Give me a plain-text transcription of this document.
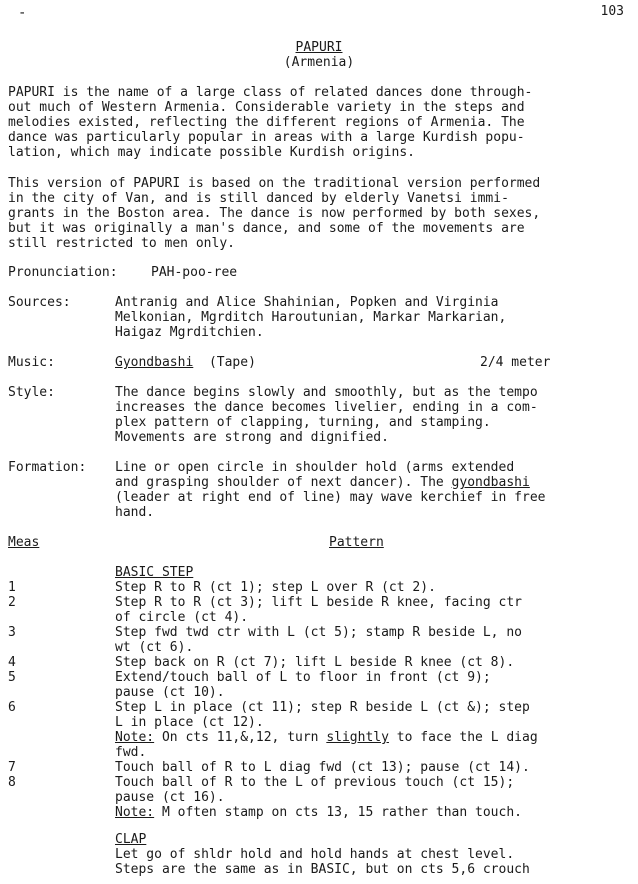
-	103
PAPURI
(Armenia)
PAPURI is the name of a large class of related dances done through-
out much of Western Armenia. Considerable variety in the steps and
melodies existed, reflecting the different regions of Armenia. The
dance was particularly popular in areas with a large Kurdish popu-
lation, which may indicate possible Kurdish origins.
This version of PAPURI is based on the traditional version performed
in the city of Van, and is still danced by elderly Vanetsi immi-
grants in the Boston area. The dance is now performed by both sexes,
but it was originally a man's dance, and some of the movements are
still restricted to men only.
Pronunciation:	PAH-poo-ree
Sources:	Antranig and Alice Shahinian, Popken and Virginia
Melkonian, Mgrditch Haroutunian, Markar Markarian,
Haigaz Mgrditchien.
Music:	Gyondbashi (Tape)	2/4 meter
Style:	The dance begins slowly and smoothly, but as the tempo
increases the dance becomes livelier, ending in a com-
plex pattern of clapping, turning, and stamping.
Movements are strong and dignified.
Formation: Line or open circle in shoulder hold (arms extended
and grasping shoulder of next dancer). The gyondbashi
(leader at right end of line) may wave kerchief in free
hand.
Meas	Pattern
BASIC STEP
1	Step R to R (ct 1); step L over R (ct 2).
2	Step R to R (ct 3); lift L beside R knee, facing ctr
of circle (ct 4).
3	Step fwd twd ctr with L (ct 5); stamp R beside L, no
wt (ct 6).
4	Step back on R (ct 7); lift L beside R knee (ct 8).
5	Extend/touch ball of L to floor in front (ct 9);
pause (ct 10).
6	Step L in place (ct 11); step R beside L (ct &); step
L in place (ct 12).
Note: On cts 11,&,12, turn slightly to face the L diag
fwd.
7	Touch ball of R to L diag fwd (ct 13); pause (ct 14).
8	Touch ball of R to the L of previous touch (ct 15);
pause (ct 16).
Note: M often stamp on cts 13, 15 rather than touch.
CLAP
Let go of shldr hold and hold hands at chest level.
Steps are the same as in BASIC, but on cts 5,6 crouch
